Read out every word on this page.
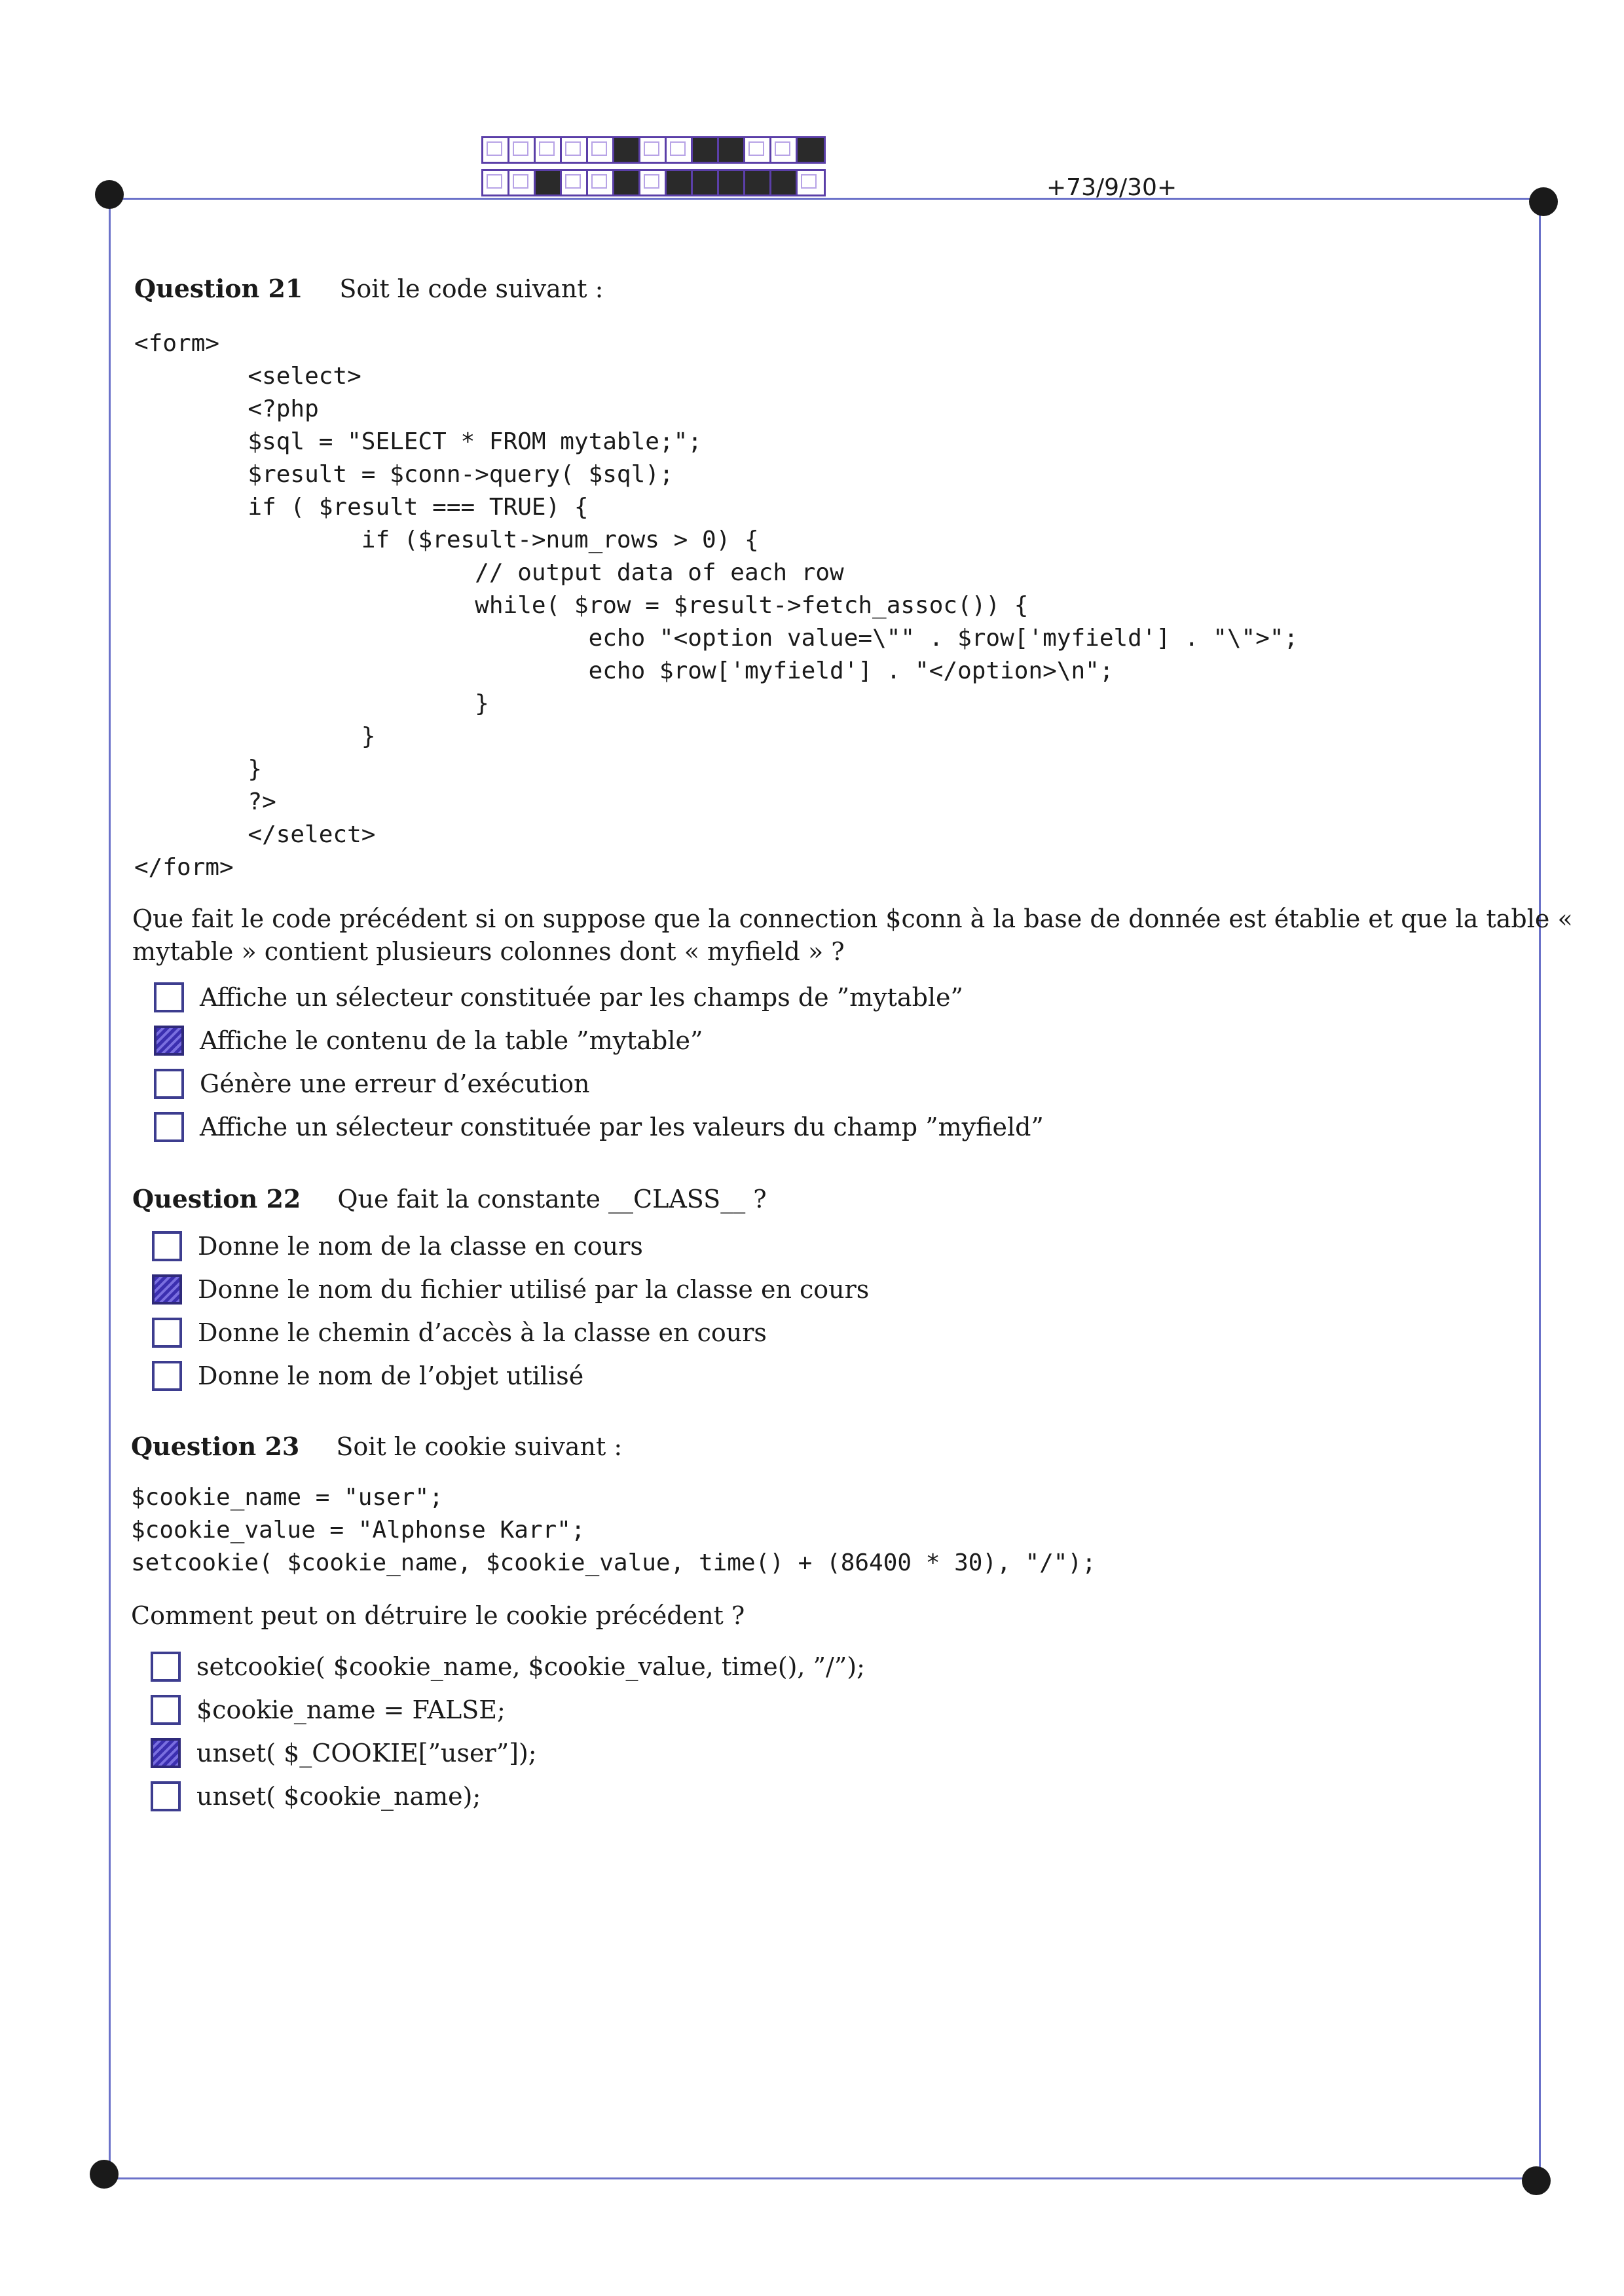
+73/9/30+
Question 21 Soit le code suivant :
<form>
<select>
<?php
$sql = "SELECT * FROM mytable;";
$result = $conn->query( $sql);
if ( $result === TRUE) {
if ($result->num_rows > 0) {
// output data of each row
while( $row = $result->fetch_assoc()) {
echo "<option value=\"" . $row['myfield'] . "\">";
echo $row['myfield'] . "</option>\n";
}
}
}
?>
</select>
</form>
Que fait le code précédent si on suppose que la connection $conn à la base de donnée est établie et que la table « mytable » contient plusieurs colonnes dont « myfield » ?
Affiche un sélecteur constituée par les champs de ”mytable”
Affiche le contenu de la table ”mytable”
Génère une erreur d’exécution
Affiche un sélecteur constituée par les valeurs du champ ”myfield”
Question 22 Que fait la constante __CLASS__ ?
Donne le nom de la classe en cours
Donne le nom du fichier utilisé par la classe en cours
Donne le chemin d’accès à la classe en cours
Donne le nom de l’objet utilisé
Question 23 Soit le cookie suivant :
$cookie_name = "user";
$cookie_value = "Alphonse Karr";
setcookie( $cookie_name, $cookie_value, time() + (86400 * 30), "/");
Comment peut on détruire le cookie précédent ?
setcookie( $cookie_name, $cookie_value, time(), ”/”);
$cookie_name = FALSE;
unset( $_COOKIE[”user”]);
unset( $cookie_name);
